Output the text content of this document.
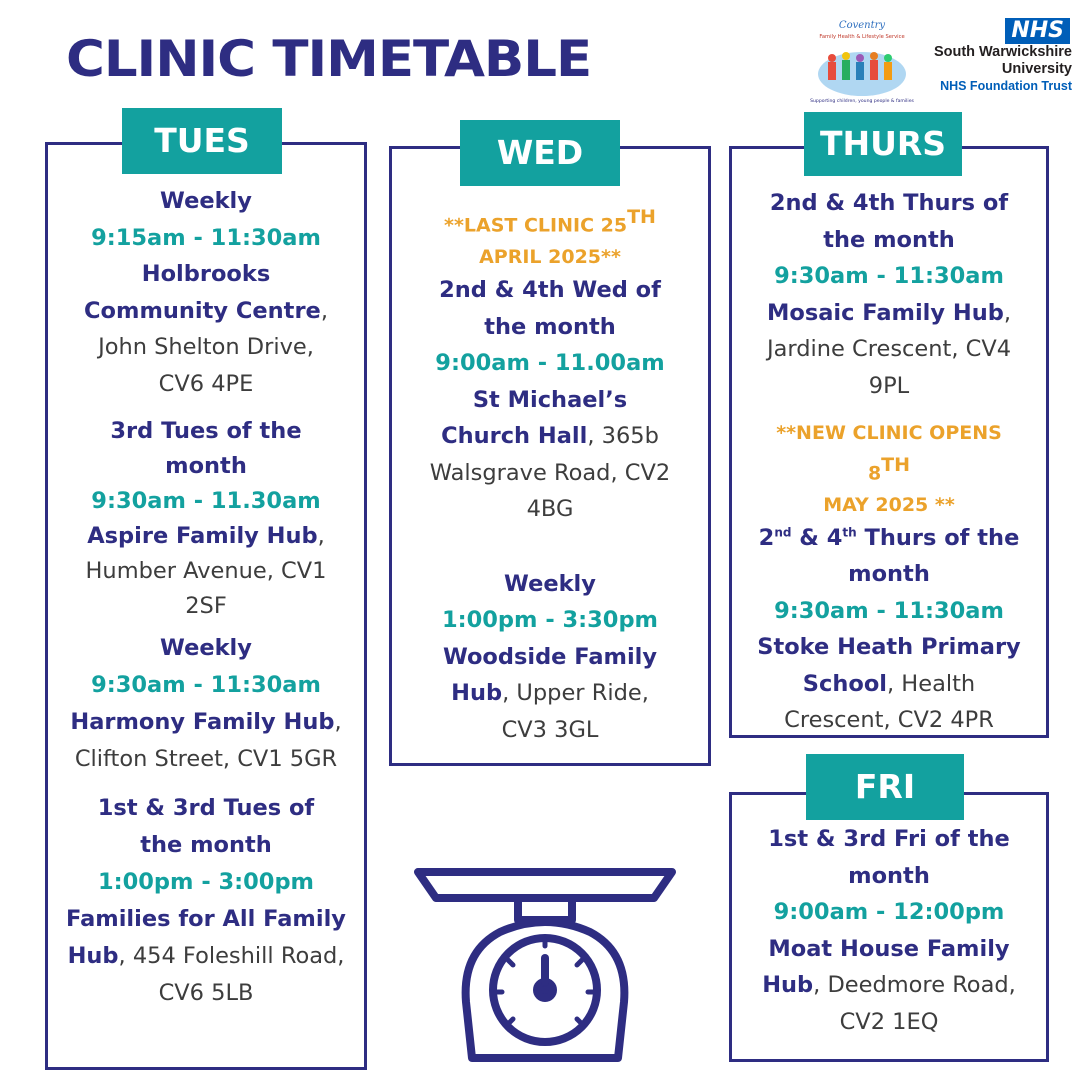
CLINIC TIMETABLE
Coventry
Family Health & Lifestyle Service
Supporting children, young people & families
NHS
South Warwickshire
University
NHS Foundation Trust
Weekly
9:15am - 11:30am
Holbrooks Community Centre, John Shelton Drive, CV6 4PE
3rd Tues of the month
9:30am - 11.30am
Aspire Family Hub, Humber Avenue, CV1 2SF
Weekly
9:30am - 11:30am
Harmony Family Hub, Clifton Street, CV1 5GR
1st & 3rd Tues of the month
1:00pm - 3:00pm
Families for All Family Hub, 454 Foleshill Road, CV6 5LB
TUES
**LAST CLINIC 25TH
APRIL 2025**
2nd & 4th Wed of the month
9:00am - 11.00am
St Michael’s Church Hall, 365b Walsgrave Road, CV2 4BG
Weekly
1:00pm - 3:30pm
Woodside Family Hub, Upper Ride, CV3 3GL
WED
2nd & 4th Thurs of the month
9:30am - 11:30am
Mosaic Family Hub, Jardine Crescent, CV4 9PL
**NEW CLINIC OPENS 8TH
MAY 2025 **
2nd & 4th Thurs of the month
9:30am - 11:30am
Stoke Heath Primary School, Health Crescent, CV2 4PR
THURS
1st & 3rd Fri of the month
9:00am - 12:00pm
Moat House Family Hub, Deedmore Road, CV2 1EQ
FRI
